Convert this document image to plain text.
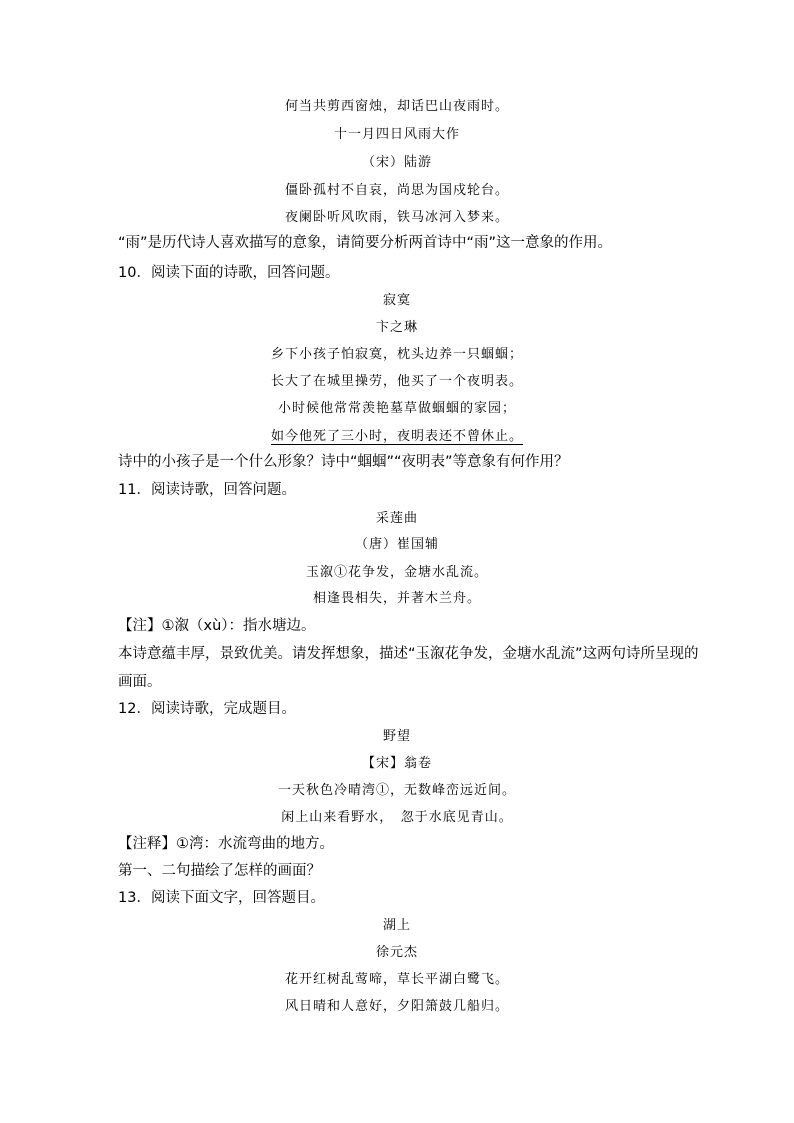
何当共剪西窗烛，却话巴山夜雨时。
十一月四日风雨大作
（宋）陆游
僵卧孤村不自哀，尚思为国戍轮台。
夜阑卧听风吹雨，铁马冰河入梦来。
“雨”是历代诗人喜欢描写的意象，请简要分析两首诗中“雨”这一意象的作用。
10．阅读下面的诗歌，回答问题。
寂寞
卞之琳
乡下小孩子怕寂寞，枕头边养一只蝈蝈；
长大了在城里操劳，他买了一个夜明表。
小时候他常常羡艳墓草做蝈蝈的家园；
如今他死了三小时，夜明表还不曾休止。
诗中的小孩子是一个什么形象？诗中“蝈蝈”“夜明表”等意象有何作用？
11．阅读诗歌，回答问题。
采莲曲
（唐）崔国辅
玉溆①花争发，金塘水乱流。
相逢畏相失，并著木兰舟。
【注】①溆（xù）：指水塘边。
本诗意蕴丰厚，景致优美。请发挥想象，描述“玉溆花争发，金塘水乱流”这两句诗所呈现的
画面。
12．阅读诗歌，完成题目。
野望
【宋】翁卷
一天秋色冷晴湾①，无数峰峦远近间。
闲上山来看野水，　忽于水底见青山。
【注释】①湾：水流弯曲的地方。
第一、二句描绘了怎样的画面？
13．阅读下面文字，回答题目。
湖上
徐元杰
花开红树乱莺啼，草长平湖白鹭飞。
风日晴和人意好，夕阳箫鼓几船归。
